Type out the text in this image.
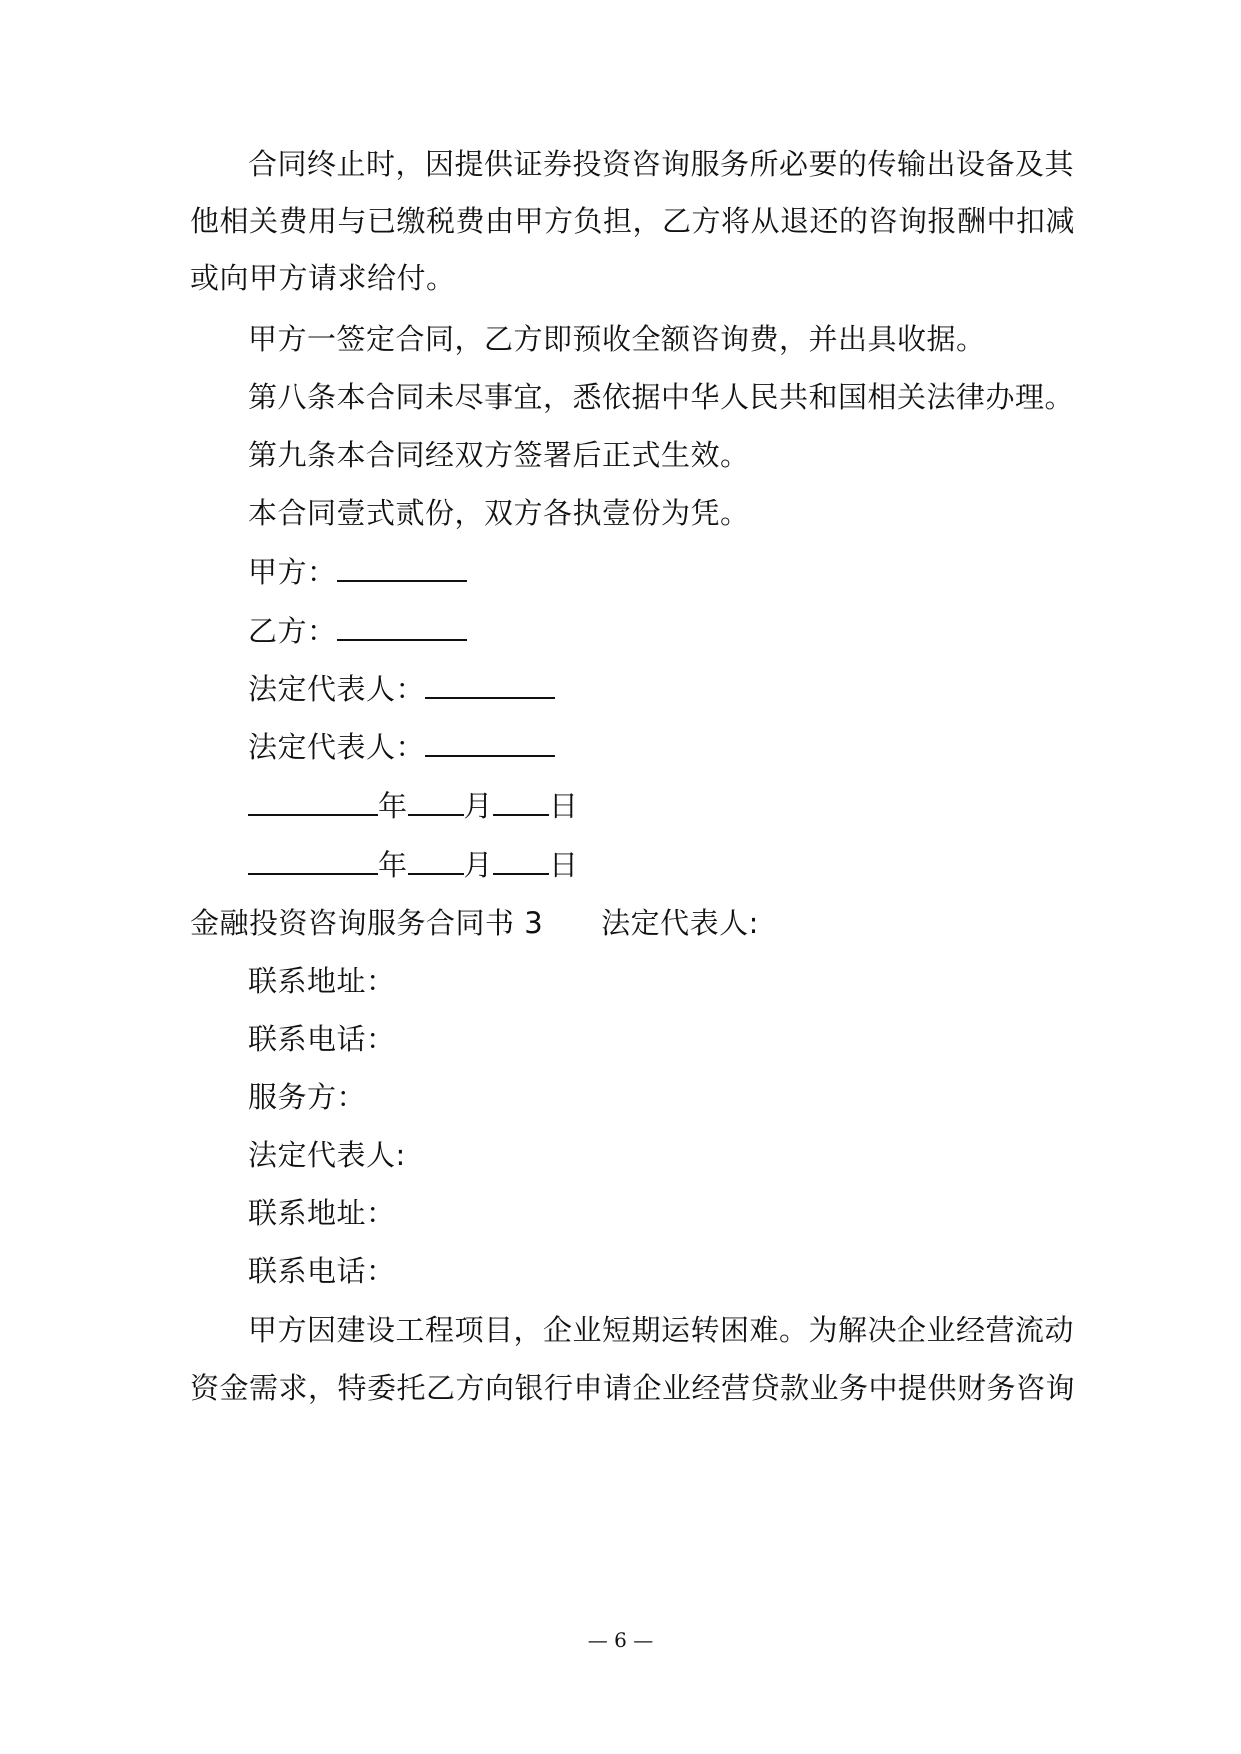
合同终止时，因提供证券投资咨询服务所必要的传输出设备及其
他相关费用与已缴税费由甲方负担，乙方将从退还的咨询报酬中扣减
或向甲方请求给付。
甲方一签定合同，乙方即预收全额咨询费，并出具收据。
第八条本合同未尽事宜，悉依据中华人民共和国相关法律办理。
第九条本合同经双方签署后正式生效。
本合同壹式贰份，双方各执壹份为凭。
甲方：
乙方：
法定代表人：
法定代表人：
年 月 日
年 月 日
金融投资咨询服务合同书 3 法定代表人:
联系地址：
联系电话：
服务方：
法定代表人:
联系地址：
联系电话：
甲方因建设工程项目，企业短期运转困难。为解决企业经营流动
资金需求，特委托乙方向银行申请企业经营贷款业务中提供财务咨询
— 6 —
